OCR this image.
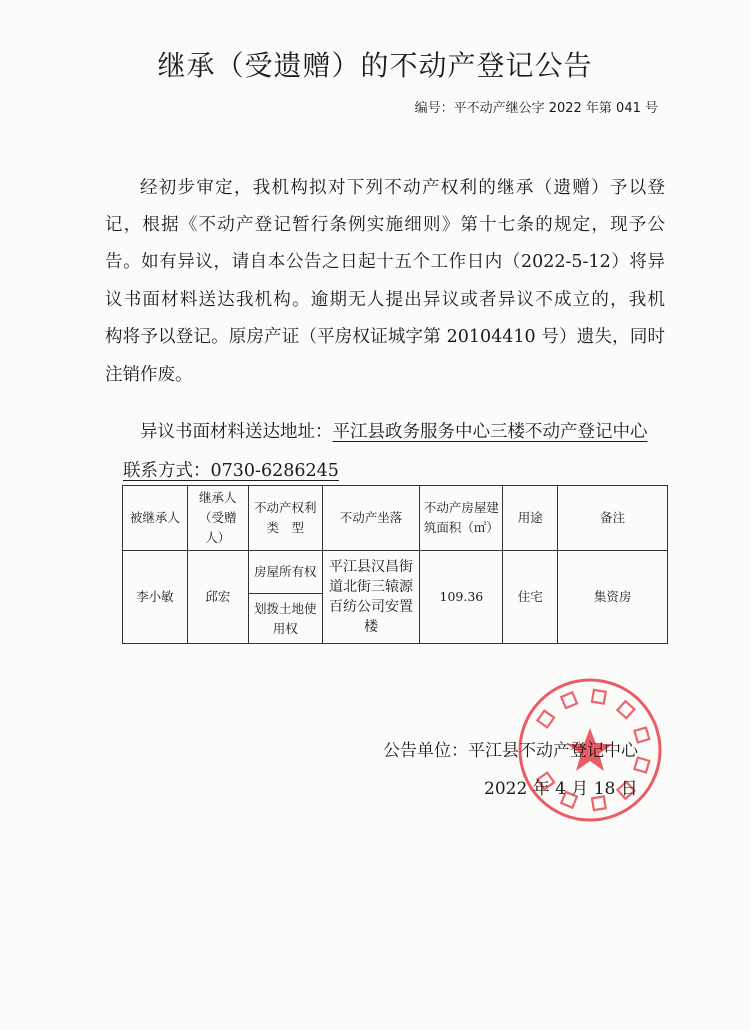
继承（受遗赠）的不动产登记公告
编号：平不动产继公字 2022 年第 041 号
经初步审定，我机构拟对下列不动产权利的继承（遗赠）予以登
记，根据《不动产登记暂行条例实施细则》第十七条的规定，现予公
告。如有异议，请自本公告之日起十五个工作日内（2022-5-12）将异
议书面材料送达我机构。逾期无人提出异议或者异议不成立的，我机
构将予以登记。原房产证（平房权证城字第 20104410 号）遗失，同时
注销作废。
异议书面材料送达地址：平江县政务服务中心三楼不动产登记中心
联系方式：0730-6286245
被继承人	继承人（受赠人）	不动产权利类　型	不动产坐落	不动产房屋建筑面积（㎡）	用途	备注
李小敏	邱宏	房屋所有权	平江县汉昌街道北街三辕源百纺公司安置楼	109.36	住宅	集资房
		划拨土地使用权				
公告单位：平江县不动产登记中心
2022 年 4 月 18 日
